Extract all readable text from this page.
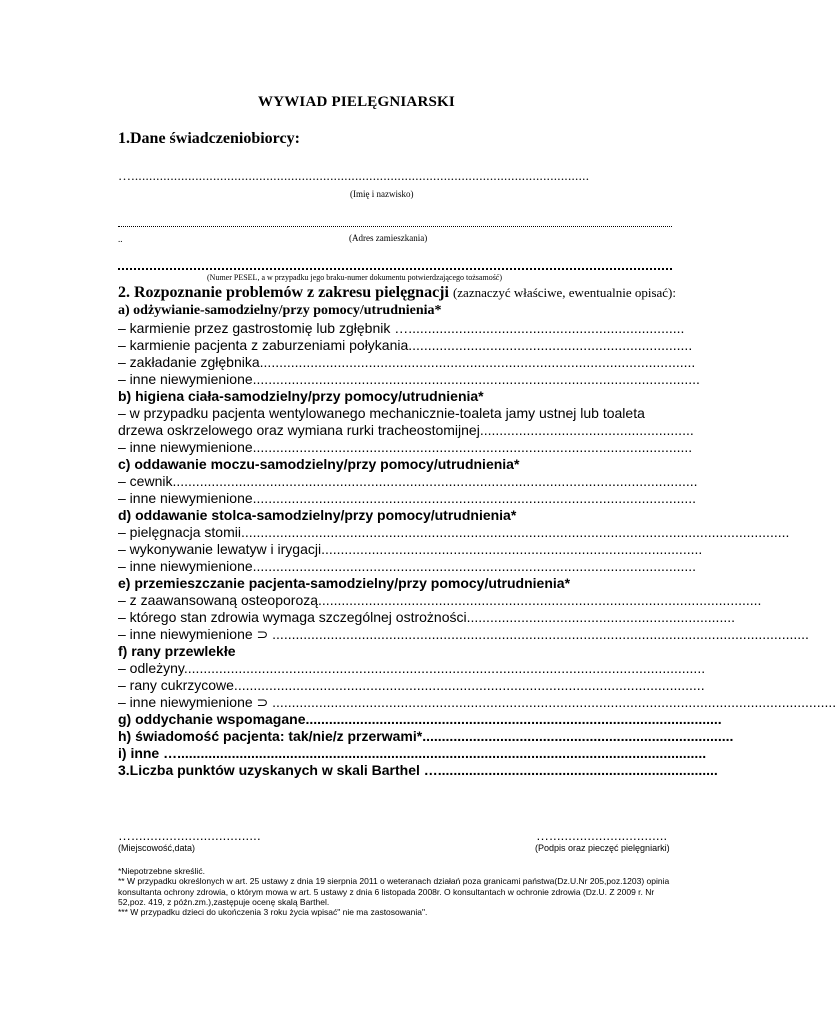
WYWIAD PIELĘGNIARSKI
1.Dane świadczeniobiorcy:
….................................................................................................................................
(Imię i nazwisko)
..	(Adres zamieszkania)
(Numer PESEL, a w przypadku jego braku-numer dokumentu potwierdzającego tożsamość)
2. Rozpoznanie problemów z zakresu pielęgnacji (zaznaczyć właściwe, ewentualnie opisać):
a) odżywianie-samodzielny/przy pomocy/utrudnienia*
– karmienie przez gastrostomię lub zgłębnik ….......................................................................
– karmienie pacjenta z zaburzeniami połykania.........................................................................
– zakładanie zgłębnika................................................................................................................
– inne niewymienione...................................................................................................................
b) higiena ciała-samodzielny/przy pomocy/utrudnienia*
– w przypadku pacjenta wentylowanego mechanicznie-toaleta jamy ustnej lub toaleta
drzewa oskrzelowego oraz wymiana rurki tracheostomijnej.......................................................
– inne niewymienione.................................................................................................................
c) oddawanie moczu-samodzielny/przy pomocy/utrudnienia*
– cewnik.......................................................................................................................................
– inne niewymienione..................................................................................................................
d) oddawanie stolca-samodzielny/przy pomocy/utrudnienia*
– pielęgnacja stomii.............................................................................................................................................
– wykonywanie lewatyw i irygacji..................................................................................................
– inne niewymienione..................................................................................................................
e) przemieszczanie pacjenta-samodzielny/przy pomocy/utrudnienia*
– z zaawansowaną osteoporozą..................................................................................................................
– którego stan zdrowia wymaga szczególnej ostrożności.....................................................................
– inne niewymienione ⊃ ..........................................................................................................................................
f) rany przewlekłe
– odleżyny......................................................................................................................................
– rany cukrzycowe.........................................................................................................................
– inne niewymienione ⊃ .................................................................................................................................................
g) oddychanie wspomagane...........................................................................................................
h) świadomość pacjenta: tak/nie/z przerwami*................................................................................
i) inne …........................................................................................................................................
3.Liczba punktów uzyskanych w skali Barthel …........................................................................
…..................................
(Miejscowość,data)
…...............................
(Podpis oraz pieczęć pielęgniarki)
*Niepotrzebne skreślić.
** W przypadku określonych w art. 25 ustawy z dnia 19 sierpnia 2011 o weteranach działań poza granicami państwa(Dz.U.Nr 205,poz.1203) opinia konsultanta ochrony zdrowia, o którym mowa w art. 5 ustawy z dnia 6 listopada 2008r. O konsultantach w ochronie zdrowia (Dz.U. Z 2009 r. Nr 52,poz. 419, z późn.zm.),zastępuje ocenę skalą Barthel.
*** W przypadku dzieci do ukończenia 3 roku życia wpisać" nie ma zastosowania".
